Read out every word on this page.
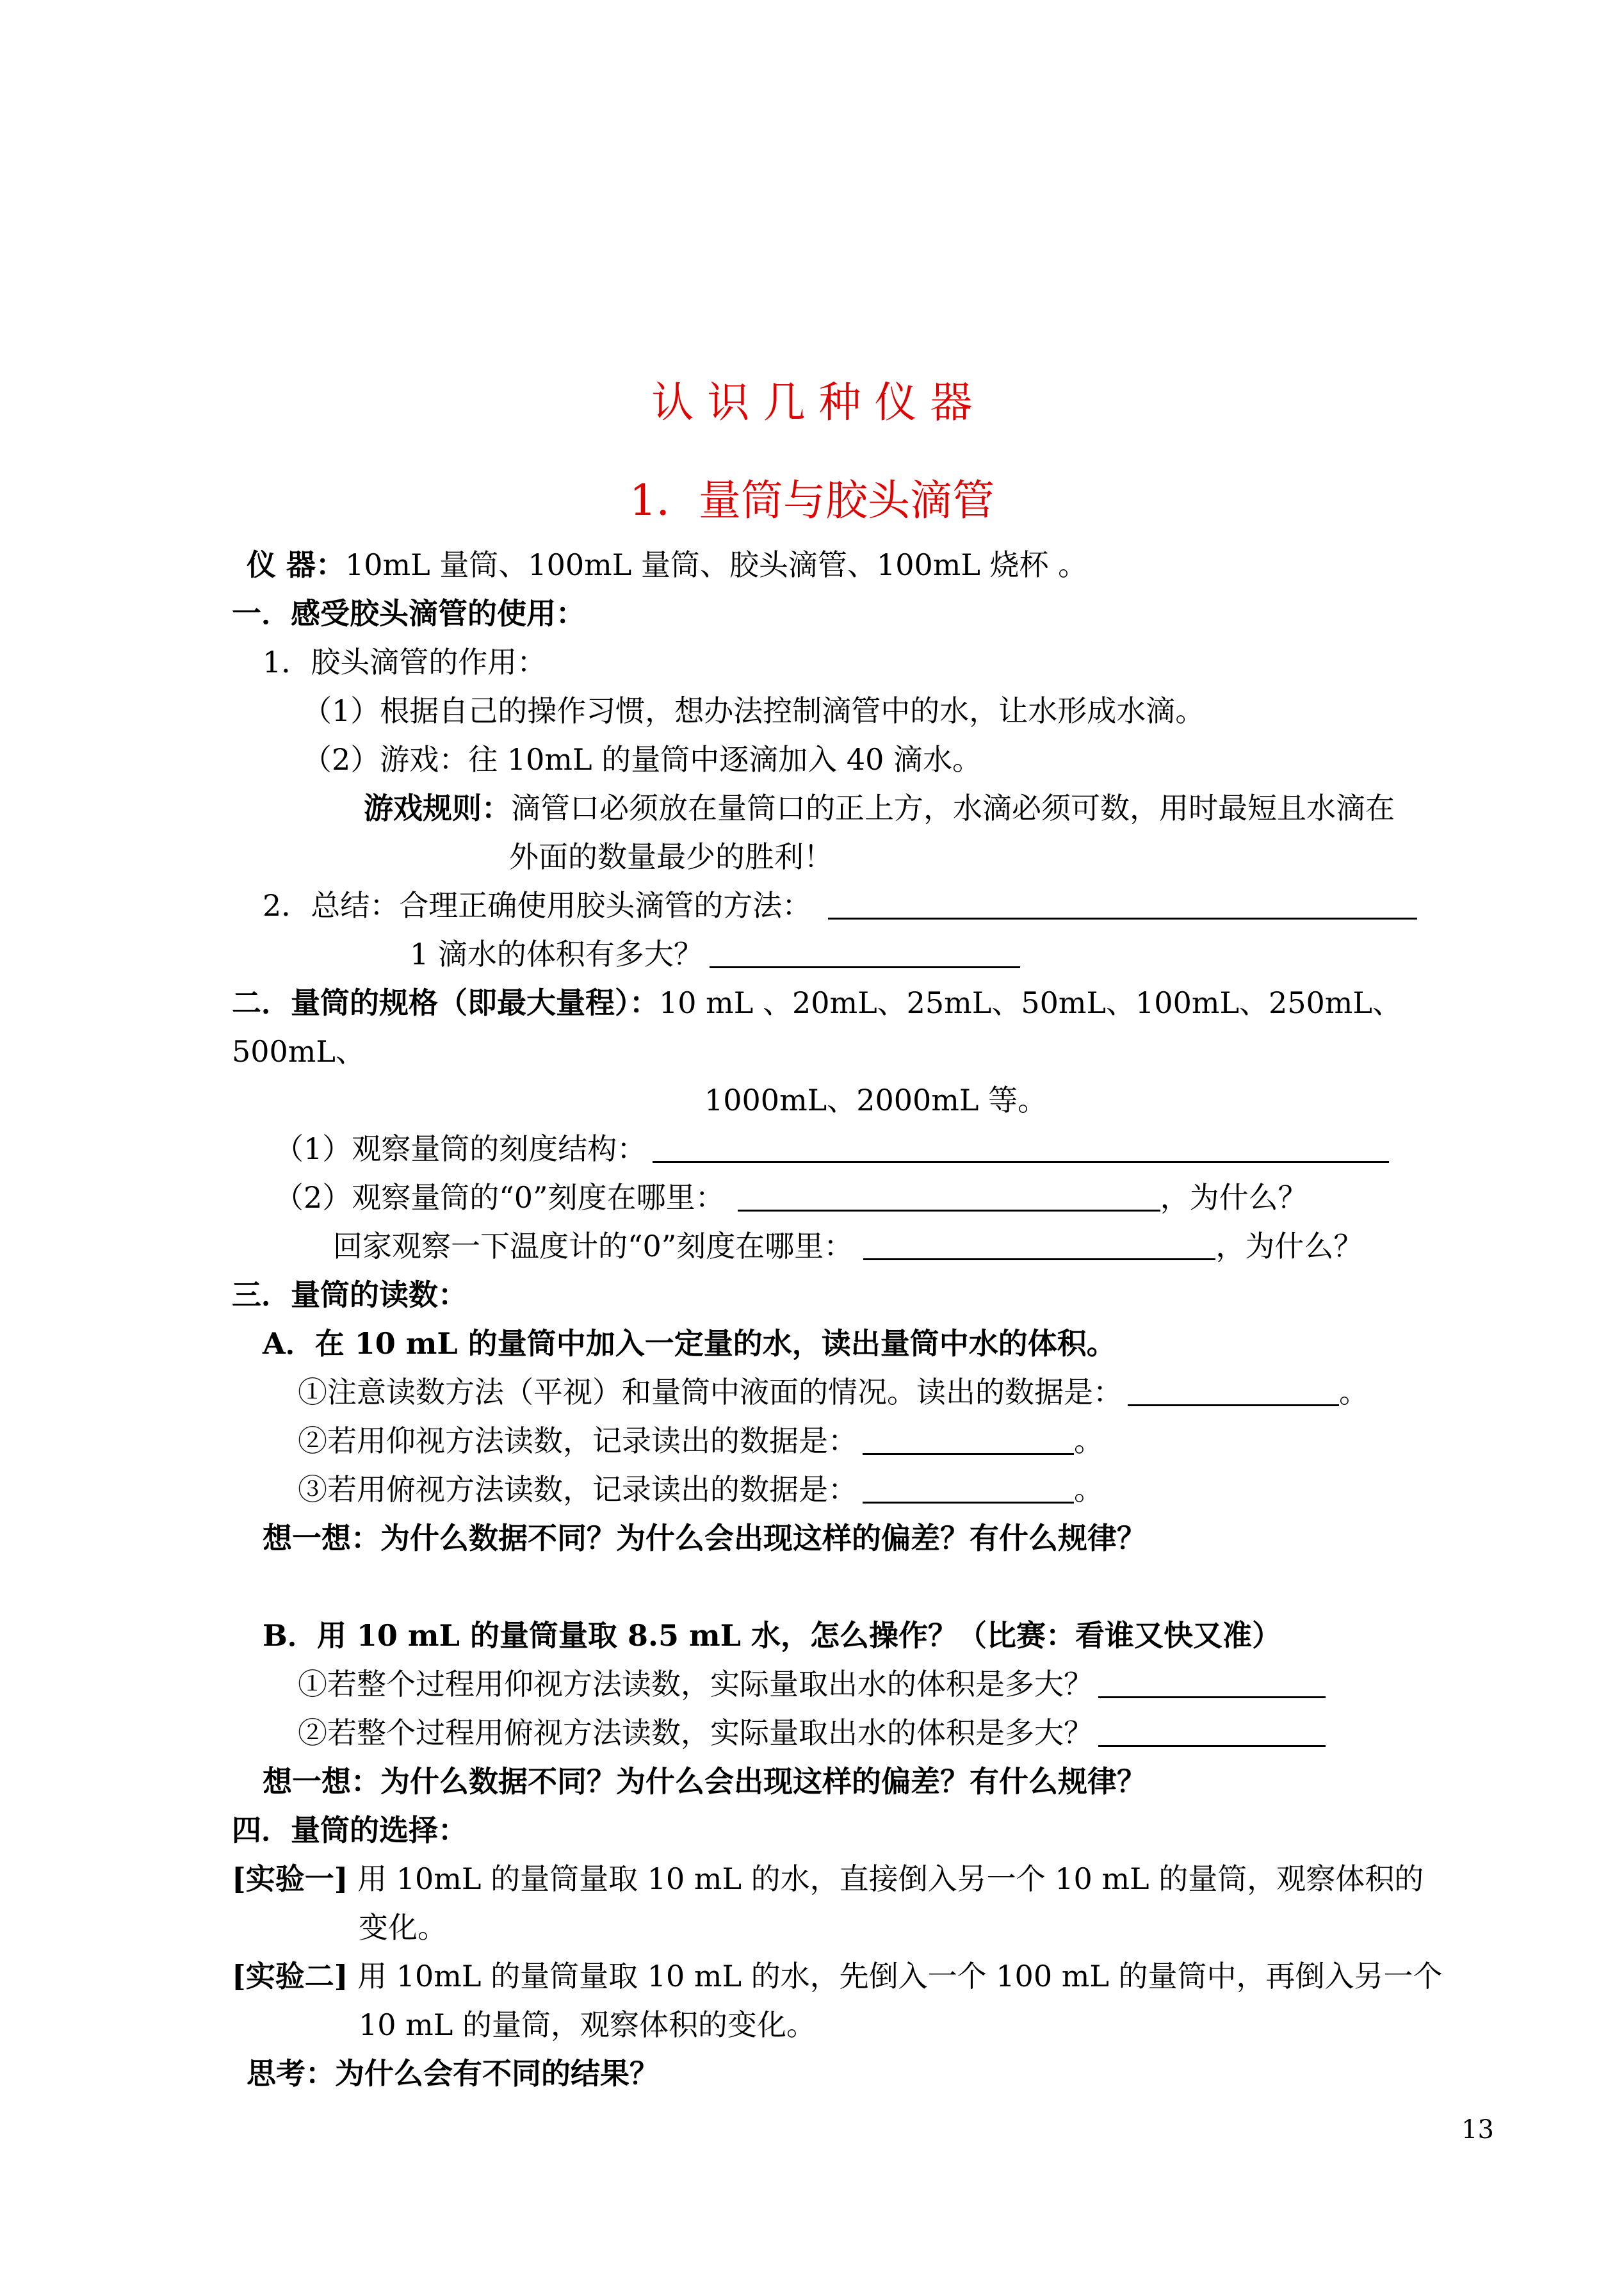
认 识 几 种 仪 器
1．量筒与胶头滴管
仪 器：10mL 量筒、100mL 量筒、胶头滴管、100mL 烧杯 。
一．感受胶头滴管的使用：
1．胶头滴管的作用：
（1）根据自己的操作习惯，想办法控制滴管中的水，让水形成水滴。
（2）游戏：往 10mL 的量筒中逐滴加入 40 滴水。
游戏规则：滴管口必须放在量筒口的正上方，水滴必须可数，用时最短且水滴在
外面的数量最少的胜利！
2．总结：合理正确使用胶头滴管的方法：
1 滴水的体积有多大？
二．量筒的规格（即最大量程）：10 mL 、20mL、25mL、50mL、100mL、250mL、
500mL、
1000mL、2000mL 等。
（1）观察量筒的刻度结构：
（2）观察量筒的“0”刻度在哪里：	，为什么？
回家观察一下温度计的“0”刻度在哪里：	，为什么？
三．量筒的读数：
A．在 10 mL 的量筒中加入一定量的水，读出量筒中水的体积。
①注意读数方法（平视）和量筒中液面的情况。读出的数据是：	。
②若用仰视方法读数，记录读出的数据是：	。
③若用俯视方法读数，记录读出的数据是：	。
想一想：为什么数据不同？为什么会出现这样的偏差？有什么规律？
B．用 10 mL 的量筒量取 8.5 mL 水，怎么操作？（比赛：看谁又快又准）
①若整个过程用仰视方法读数，实际量取出水的体积是多大？
②若整个过程用俯视方法读数，实际量取出水的体积是多大？
想一想：为什么数据不同？为什么会出现这样的偏差？有什么规律？
四．量筒的选择：
[实验一] 用 10mL 的量筒量取 10 mL 的水，直接倒入另一个 10 mL 的量筒，观察体积的
变化。
[实验二] 用 10mL 的量筒量取 10 mL 的水，先倒入一个 100 mL 的量筒中，再倒入另一个
10 mL 的量筒，观察体积的变化。
思考：为什么会有不同的结果？
13
